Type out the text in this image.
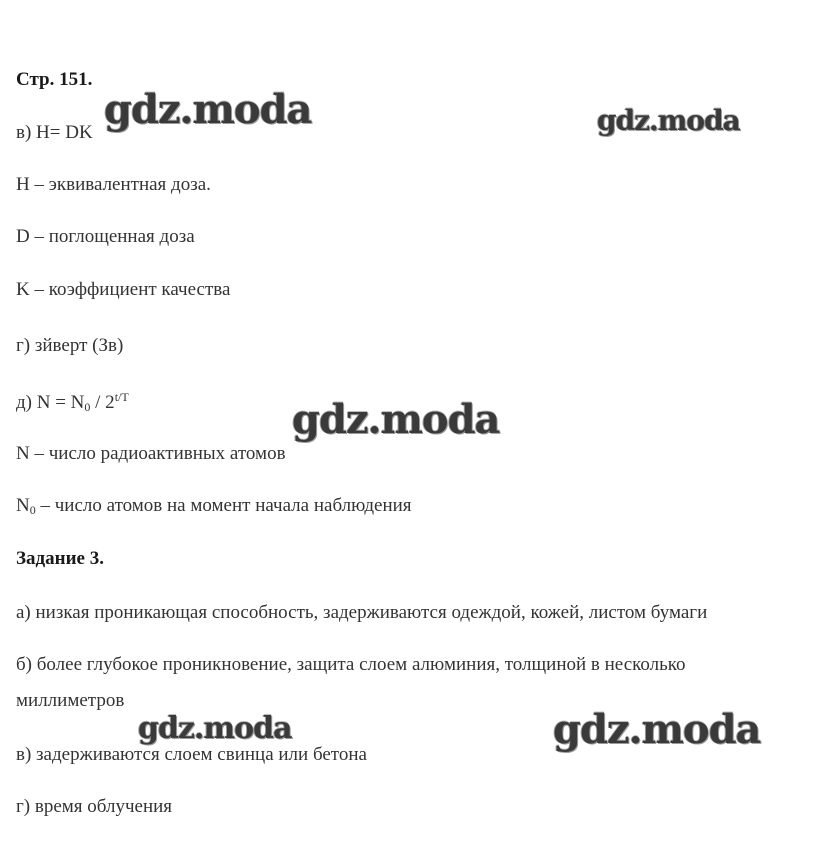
Стр. 151.
в) H= DK
H – эквивалентная доза.
D – поглощенная доза
K – коэффициент качества
г) зйверт (Зв)
д) $N = N_0 / 2^{t/T}$
N – число радиоактивных атомов
$N_0$ – число атомов на момент начала наблюдения
Задание 3.
а) низкая проникающая способность, задерживаются одеждой, кожей, листом бумаги
б) более глубокое проникновение, защита слоем алюминия, толщиной в несколько
миллиметров
в) задерживаются слоем свинца или бетона
г) время облучения
gdz.moda	gdz.moda
gdz.moda
gdz.moda	gdz.moda
